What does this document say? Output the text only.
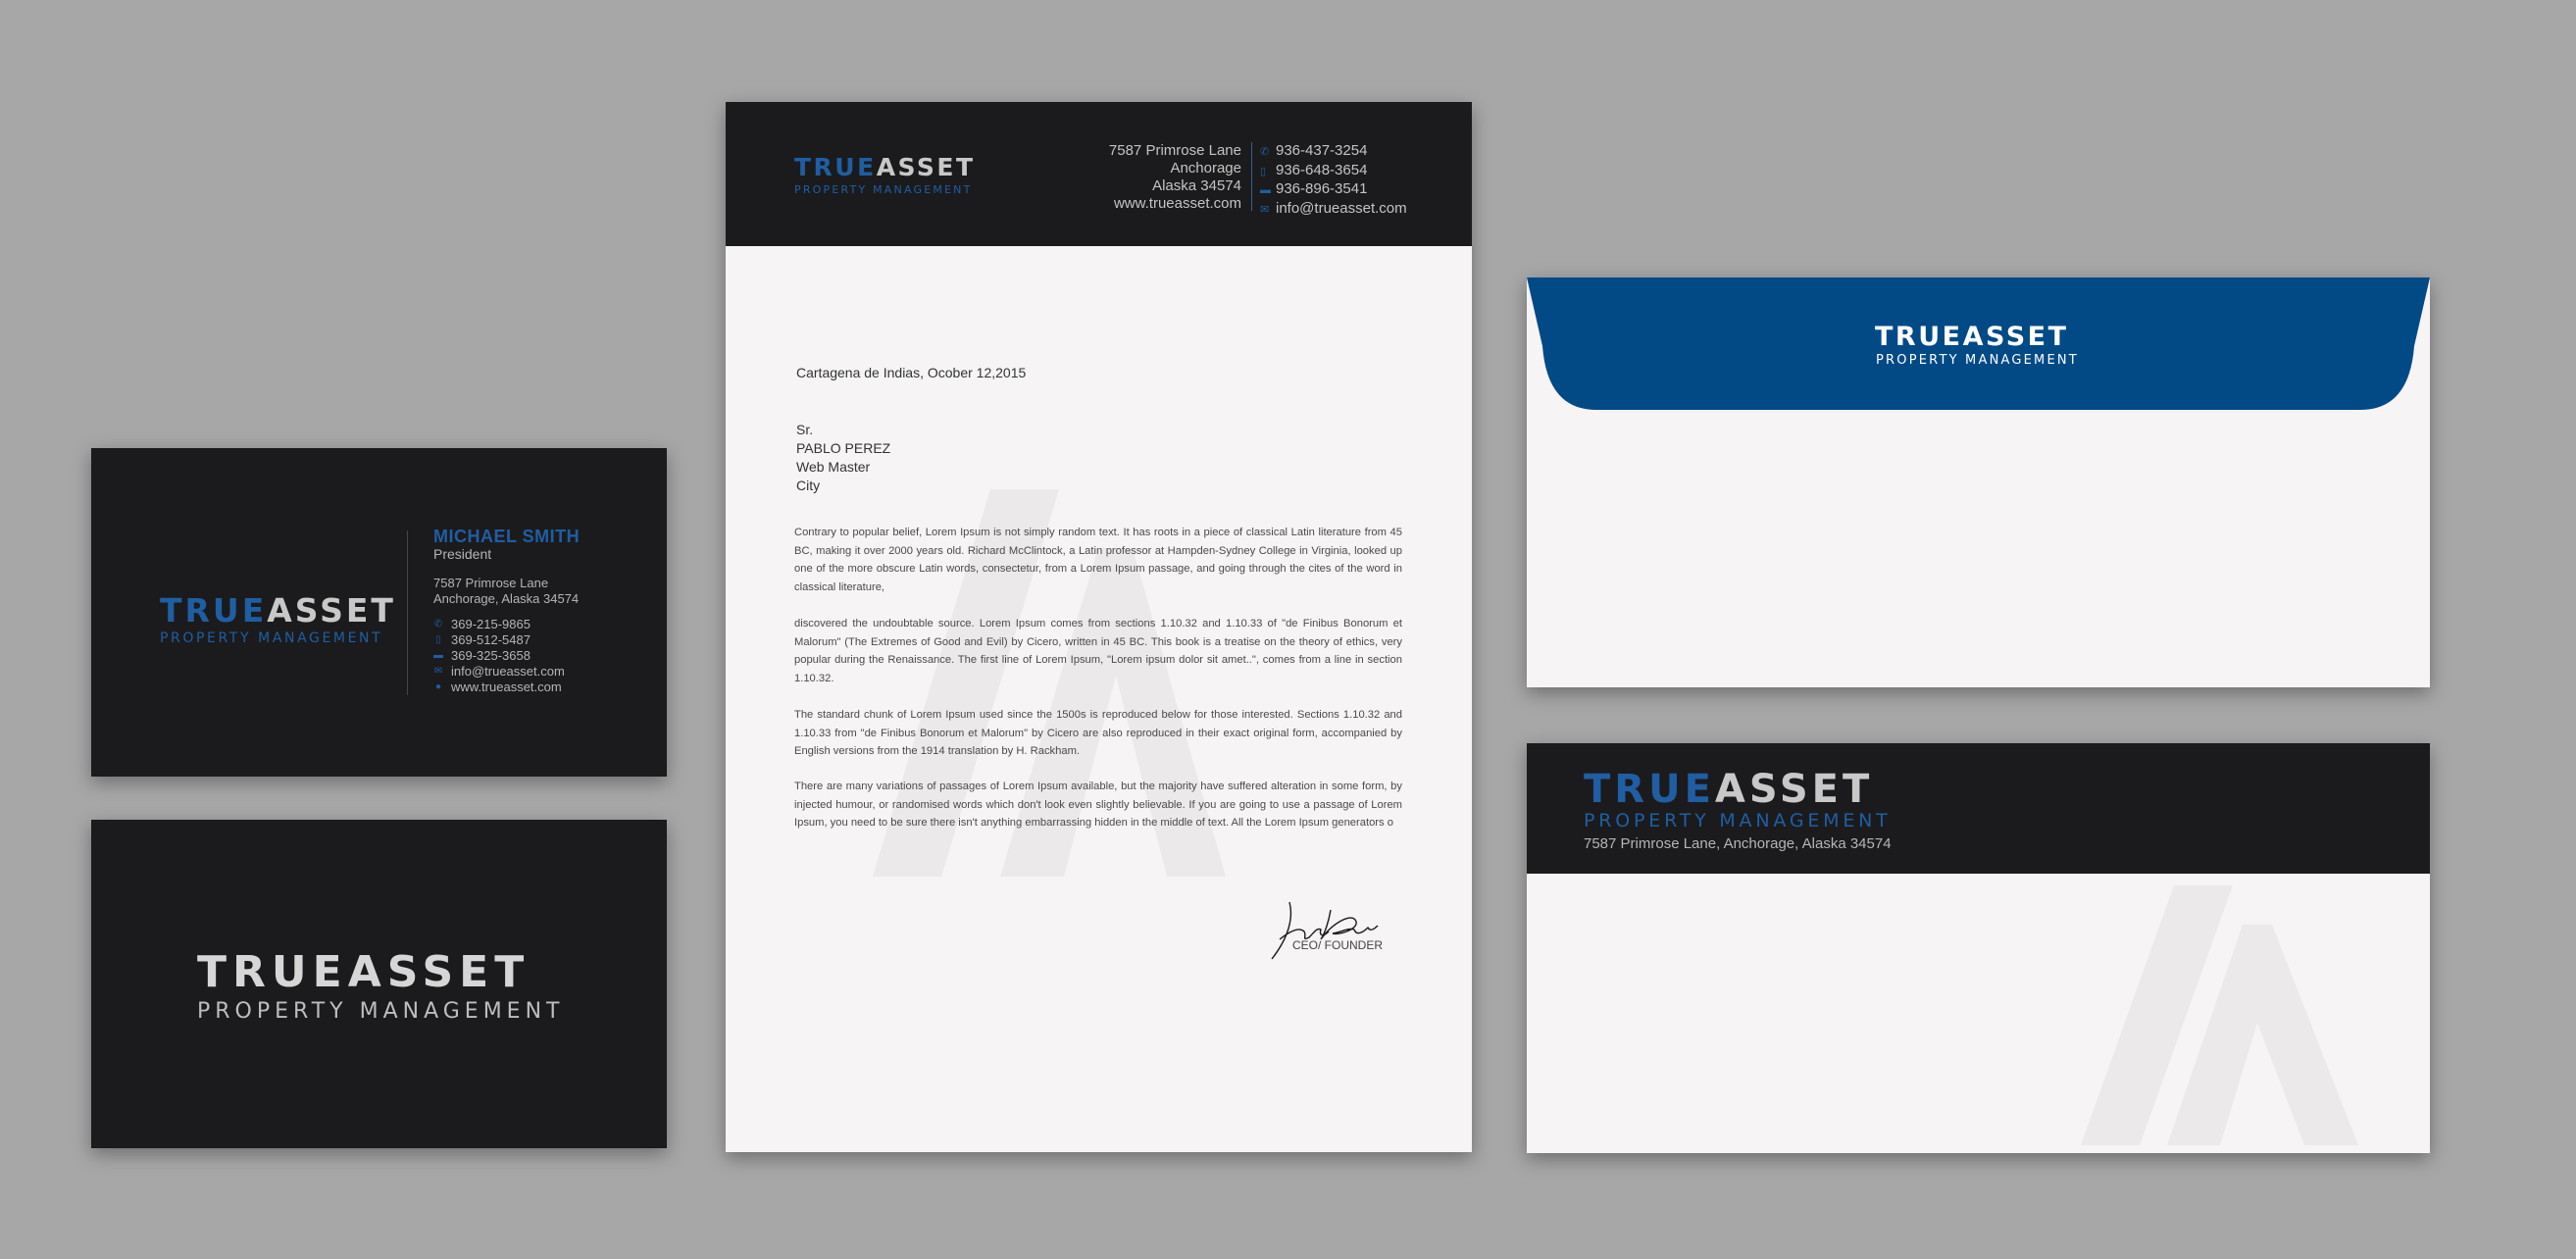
TRUEASSET
PROPERTY MANAGEMENT
MICHAEL SMITH
President
7587 Primrose Lane
Anchorage, Alaska 34574
✆ 369-215-9865
▯ 369-512-5487
▬ 369-325-3658
✉ info@trueasset.com
● www.trueasset.com
TRUEASSET
PROPERTY MANAGEMENT
TRUEASSET
PROPERTY MANAGEMENT
7587 Primrose Lane
Anchorage
Alaska 34574
www.trueasset.com
✆ 936-437-3254
▯ 936-648-3654
▬ 936-896-3541
✉ info@trueasset.com
Cartagena de Indias, Ocober 12,2015
Sr.
PABLO PEREZ
Web Master
City
Contrary to popular belief, Lorem Ipsum is not simply random text. It has roots in a piece of classical Latin literature from 45 BC, making it over 2000 years old. Richard McClintock, a Latin professor at Hampden-Sydney College in Virginia, looked up one of the more obscure Latin words, consectetur, from a Lorem Ipsum passage, and going through the cites of the word in classical literature,
discovered the undoubtable source. Lorem Ipsum comes from sections 1.10.32 and 1.10.33 of "de Finibus Bonorum et Malorum" (The Extremes of Good and Evil) by Cicero, written in 45 BC. This book is a treatise on the theory of ethics, very popular during the Renaissance. The first line of Lorem Ipsum, "Lorem ipsum dolor sit amet..", comes from a line in section 1.10.32.
The standard chunk of Lorem Ipsum used since the 1500s is reproduced below for those interested. Sections 1.10.32 and 1.10.33 from "de Finibus Bonorum et Malorum" by Cicero are also reproduced in their exact original form, accompanied by English versions from the 1914 translation by H. Rackham.
There are many variations of passages of Lorem Ipsum available, but the majority have suffered alteration in some form, by injected humour, or randomised words which don't look even slightly believable. If you are going to use a passage of Lorem Ipsum, you need to be sure there isn't anything embarrassing hidden in the middle of text. All the Lorem Ipsum generators o
CEO/ FOUNDER
TRUEASSET
PROPERTY MANAGEMENT
TRUEASSET
PROPERTY MANAGEMENT
7587 Primrose Lane, Anchorage, Alaska 34574
